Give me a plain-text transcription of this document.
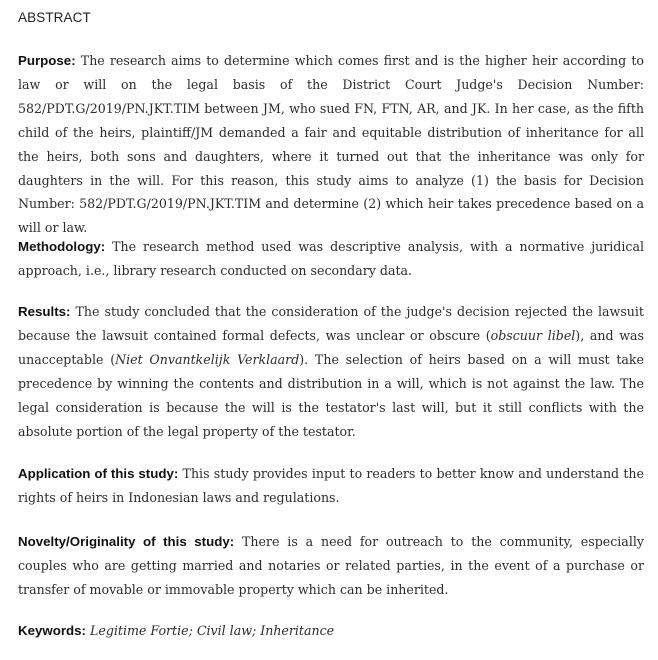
ABSTRACT

Purpose: The research aims to determine which comes first and is the higher heir according to law or will on the legal basis of the District Court Judge's Decision Number: 582/PDT.G/2019/PN.JKT.TIM between JM, who sued FN, FTN, AR, and JK. In her case, as the fifth child of the heirs, plaintiff/JM demanded a fair and equitable distribution of inheritance for all the heirs, both sons and daughters, where it turned out that the inheritance was only for daughters in the will. For this reason, this study aims to analyze (1) the basis for Decision Number: 582/PDT.G/2019/PN.JKT.TIM and determine (2) which heir takes precedence based on a will or law.

Methodology: The research method used was descriptive analysis, with a normative juridical approach, i.e., library research conducted on secondary data.

Results: The study concluded that the consideration of the judge's decision rejected the lawsuit because the lawsuit contained formal defects, was unclear or obscure (obscuur libel), and was unacceptable (Niet Onvantkelijk Verklaard). The selection of heirs based on a will must take precedence by winning the contents and distribution in a will, which is not against the law. The legal consideration is because the will is the testator's last will, but it still conflicts with the absolute portion of the legal property of the testator.

Application of this study: This study provides input to readers to better know and understand the rights of heirs in Indonesian laws and regulations.

Novelty/Originality of this study: There is a need for outreach to the community, especially couples who are getting married and notaries or related parties, in the event of a purchase or transfer of movable or immovable property which can be inherited.

Keywords: Legitime Fortie; Civil law; Inheritance
